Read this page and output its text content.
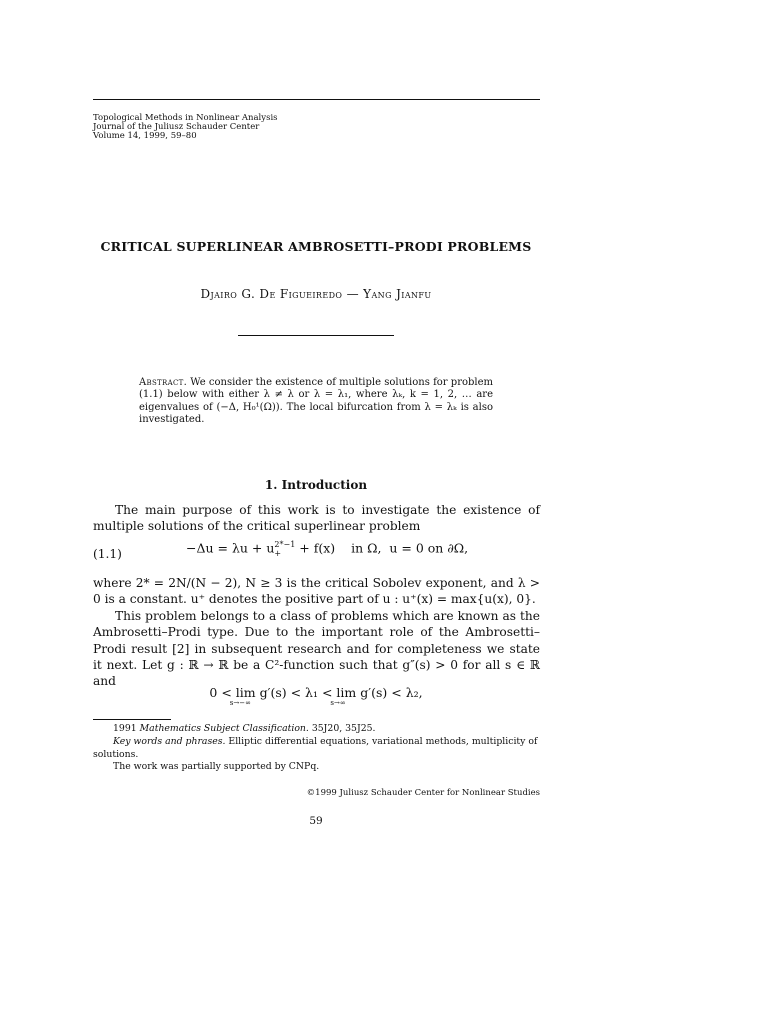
Topological Methods in Nonlinear Analysis
Journal of the Juliusz Schauder Center
Volume 14, 1999, 59–80
CRITICAL SUPERLINEAR AMBROSETTI–PRODI PROBLEMS
Djairo G. De Figueiredo — Yang Jianfu
Abstract. We consider the existence of multiple solutions for problem (1.1) below with either λ ≠ λ or λ = λ₁, where λₖ, k = 1, 2, … are eigenvalues of (−Δ, H₀¹(Ω)). The local bifurcation from λ = λₖ is also investigated.
1. Introduction

The main purpose of this work is to investigate the existence of multiple solutions of the critical superlinear problem

(1.1)	−Δu = λu + u 2*−1
+	+ f(x)    in Ω,  u = 0 on ∂Ω,

where 2* = 2N/(N − 2), N ≥ 3 is the critical Sobolev exponent, and λ > 0 is a constant. u⁺ denotes the positive part of u : u⁺(x) = max{u(x), 0}.

This problem belongs to a class of problems which are known as the Ambrosetti–Prodi type. Due to the important role of the Ambrosetti–Prodi result [2] in subsequent research and for completeness we state it next. Let g : ℝ → ℝ be a C²-function such that g″(s) > 0 for all s ∈ ℝ and

0 < lim
s→−∞
g′(s) < λ₁ < lim
s→∞
g′(s) < λ₂,

1991 Mathematics Subject Classification. 35J20, 35J25.

Key words and phrases. Elliptic differential equations, variational methods, multiplicity of solutions.

The work was partially supported by CNPq.

©1999 Juliusz Schauder Center for Nonlinear Studies
59
